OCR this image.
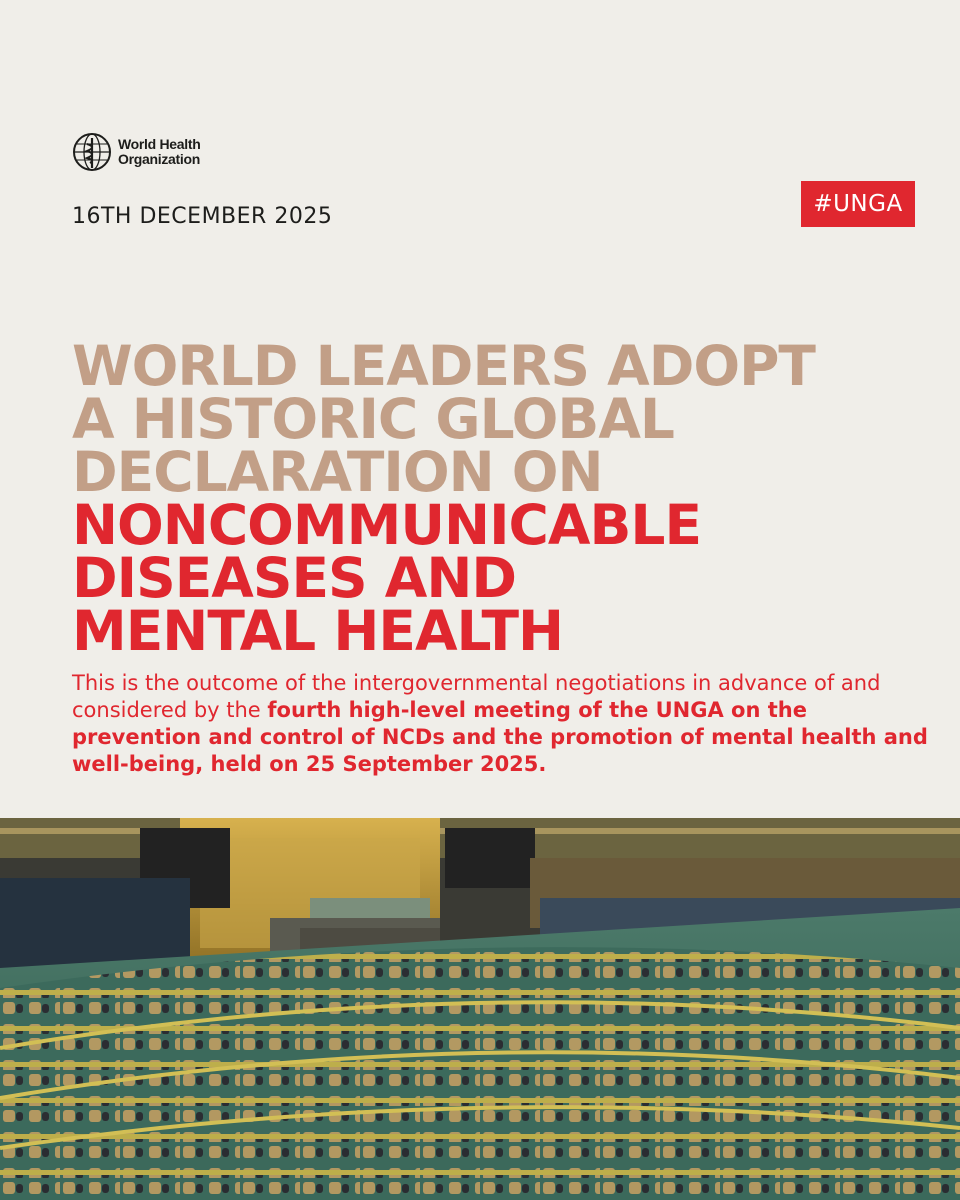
World Health
Organization
16TH DECEMBER 2025	#UNGA
WORLD LEADERS ADOPT
A HISTORIC GLOBAL
DECLARATION ON
NONCOMMUNICABLE
DISEASES AND
MENTAL HEALTH
This is the outcome of the intergovernmental negotiations in advance of and considered by the fourth high-level meeting of the UNGA on the prevention and control of NCDs and the promotion of mental health and well-being, held on 25 September 2025.
